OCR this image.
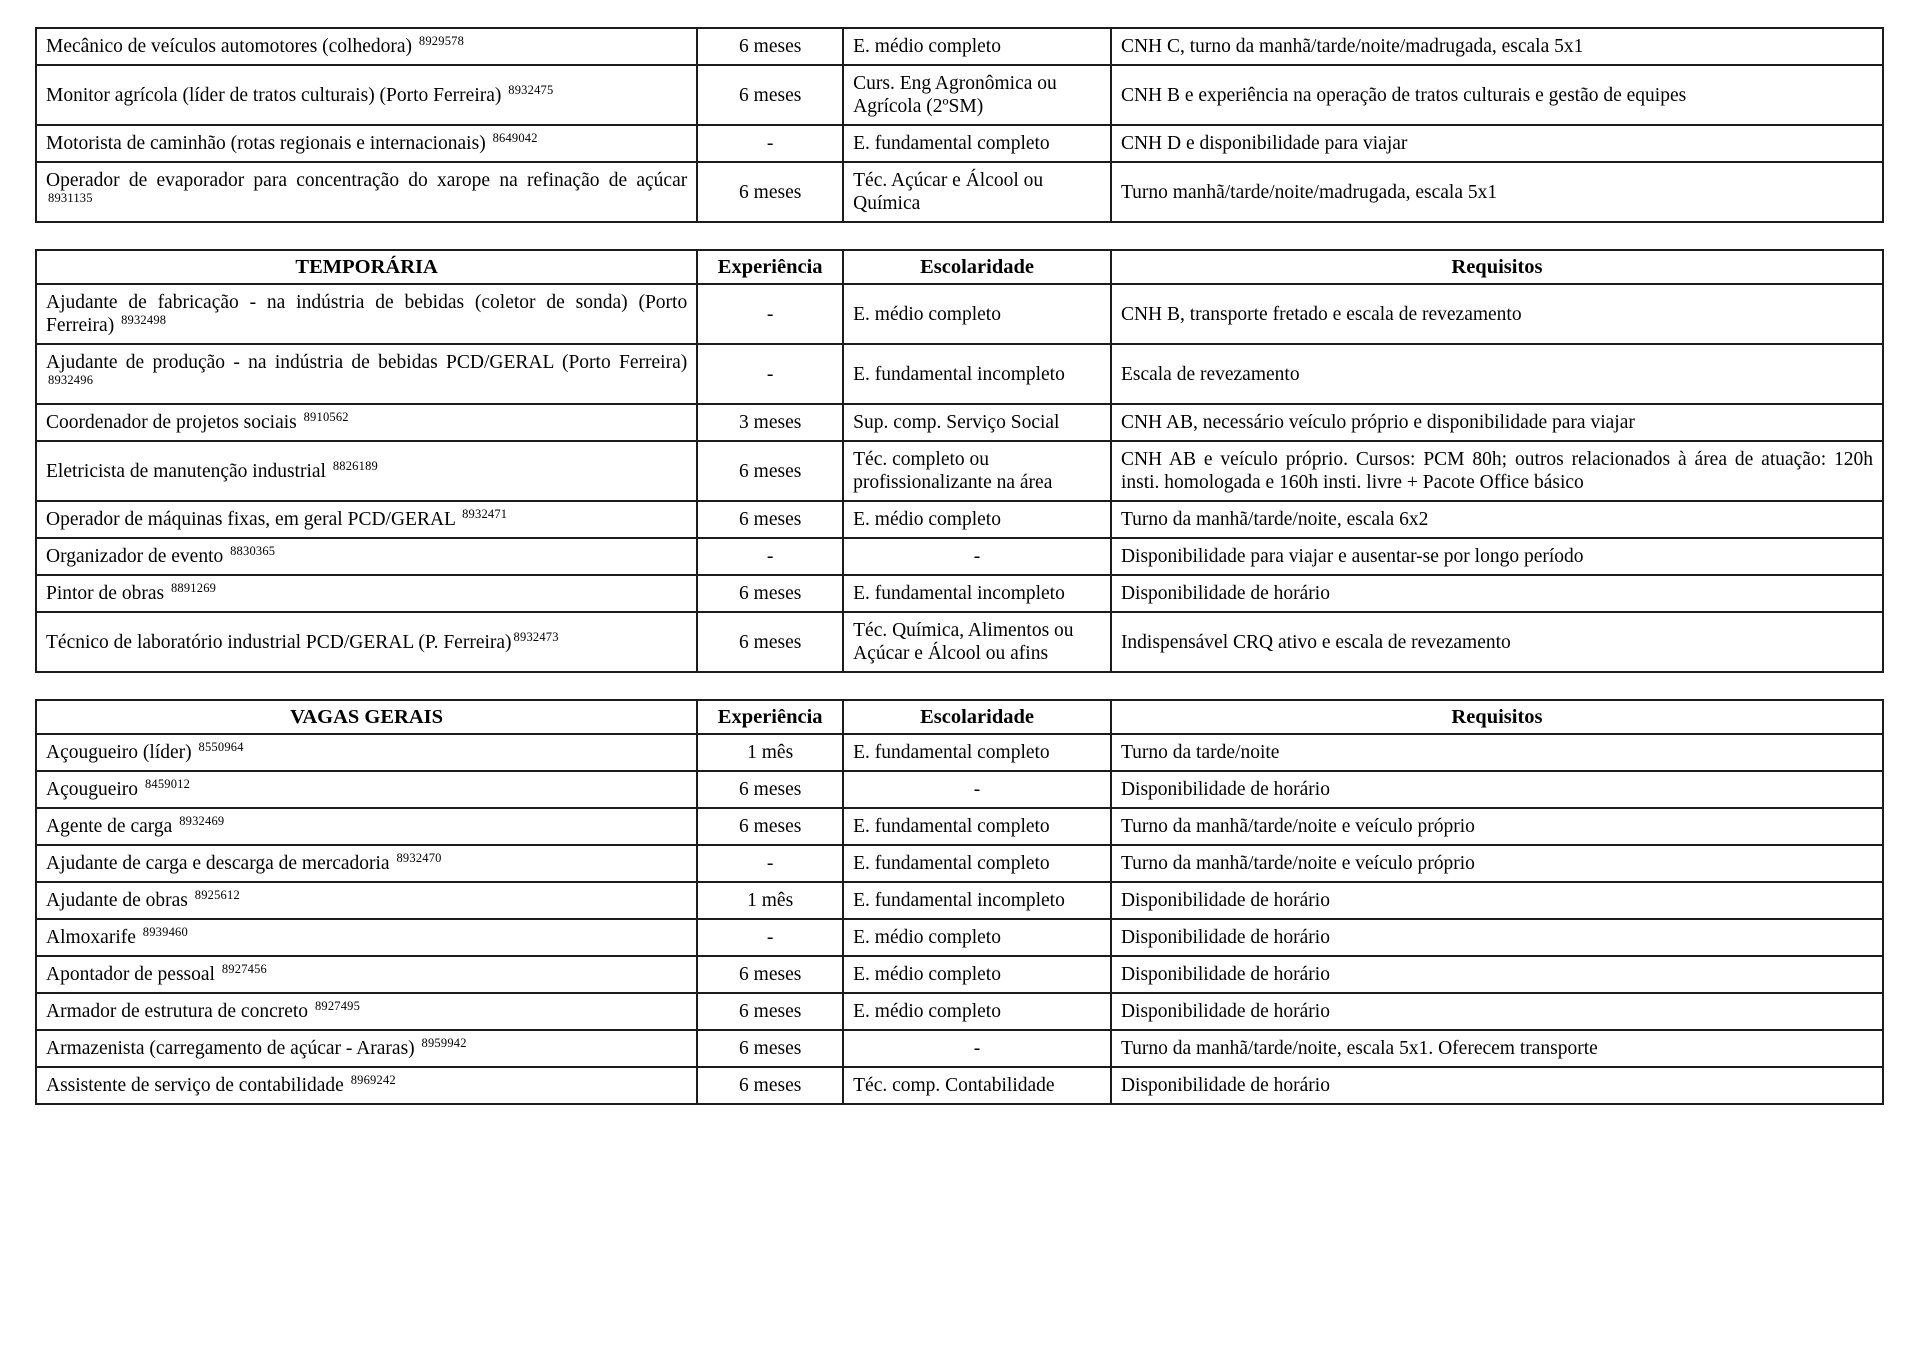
Mecânico de veículos automotores (colhedora) $^{8929578}$	6 meses	E. médio completo	CNH C, turno da manhã/tarde/noite/madrugada, escala 5x1
Monitor agrícola (líder de tratos culturais) (Porto Ferreira) $^{8932475}$	6 meses	Curs. Eng Agronômica ou Agrícola (2ºSM)	CNH B e experiência na operação de tratos culturais e gestão de equipes
Motorista de caminhão (rotas regionais e internacionais) $^{8649042}$	-	E. fundamental completo	CNH D e disponibilidade para viajar
Operador de evaporador para concentração do xarope na refinação de açúcar $^{8931135}$	6 meses	Téc. Açúcar e Álcool ou Química	Turno manhã/tarde/noite/madrugada, escala 5x1
TEMPORÁRIA	Experiência	Escolaridade	Requisitos
Ajudante de fabricação - na indústria de bebidas (coletor de sonda) (Porto Ferreira) $^{8932498}$	-	E. médio completo	CNH B, transporte fretado e escala de revezamento
Ajudante de produção - na indústria de bebidas PCD/GERAL (Porto Ferreira) $^{8932496}$	-	E. fundamental incompleto	Escala de revezamento
Coordenador de projetos sociais $^{8910562}$	3 meses	Sup. comp. Serviço Social	CNH AB, necessário veículo próprio e disponibilidade para viajar
Eletricista de manutenção industrial $^{8826189}$	6 meses	Téc. completo ou profissionalizante na área	CNH AB e veículo próprio. Cursos: PCM 80h; outros relacionados à área de atuação: 120h insti. homologada e 160h insti. livre + Pacote Office básico
Operador de máquinas fixas, em geral PCD/GERAL $^{8932471}$	6 meses	E. médio completo	Turno da manhã/tarde/noite, escala 6x2
Organizador de evento $^{8830365}$	-	-	Disponibilidade para viajar e ausentar-se por longo período
Pintor de obras $^{8891269}$	6 meses	E. fundamental incompleto	Disponibilidade de horário
Técnico de laboratório industrial PCD/GERAL (P. Ferreira) $^{8932473}$	6 meses	Téc. Química, Alimentos ou Açúcar e Álcool ou afins	Indispensável CRQ ativo e escala de revezamento
VAGAS GERAIS	Experiência	Escolaridade	Requisitos
Açougueiro (líder) $^{8550964}$	1 mês	E. fundamental completo	Turno da tarde/noite
Açougueiro $^{8459012}$	6 meses	-	Disponibilidade de horário
Agente de carga $^{8932469}$	6 meses	E. fundamental completo	Turno da manhã/tarde/noite e veículo próprio
Ajudante de carga e descarga de mercadoria $^{8932470}$	-	E. fundamental completo	Turno da manhã/tarde/noite e veículo próprio
Ajudante de obras $^{8925612}$	1 mês	E. fundamental incompleto	Disponibilidade de horário
Almoxarife $^{8939460}$	-	E. médio completo	Disponibilidade de horário
Apontador de pessoal $^{8927456}$	6 meses	E. médio completo	Disponibilidade de horário
Armador de estrutura de concreto $^{8927495}$	6 meses	E. médio completo	Disponibilidade de horário
Armazenista (carregamento de açúcar - Araras) $^{8959942}$	6 meses	-	Turno da manhã/tarde/noite, escala 5x1. Oferecem transporte
Assistente de serviço de contabilidade $^{8969242}$	6 meses	Téc. comp. Contabilidade	Disponibilidade de horário
